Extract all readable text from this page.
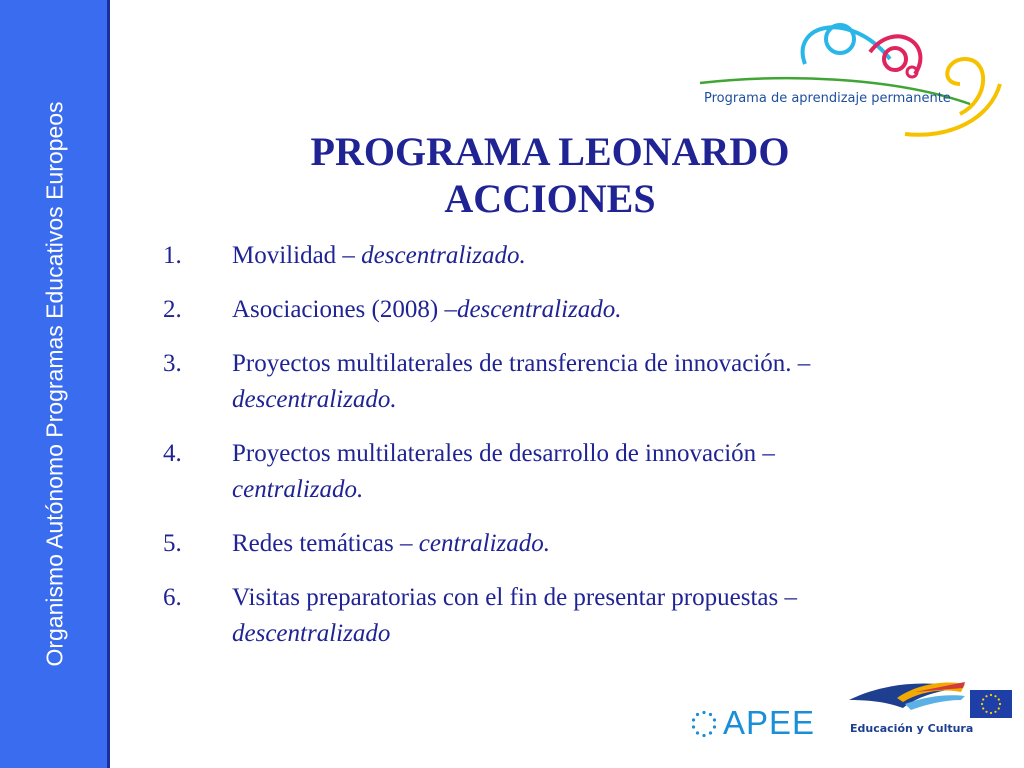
Organismo Autónomo Programas Educativos Europeos
Programa de aprendizaje permanente
PROGRAMA LEONARDO
ACCIONES
1. Movilidad – descentralizado.
2. Asociaciones (2008) –descentralizado.
3. Proyectos multilaterales de transferencia de innovación. –descentralizado.
4. Proyectos multilaterales de desarrollo de innovación – centralizado.
5. Redes temáticas – centralizado.
6. Visitas preparatorias con el fin de presentar propuestas – descentralizado
APEE	Educación y Cultura
